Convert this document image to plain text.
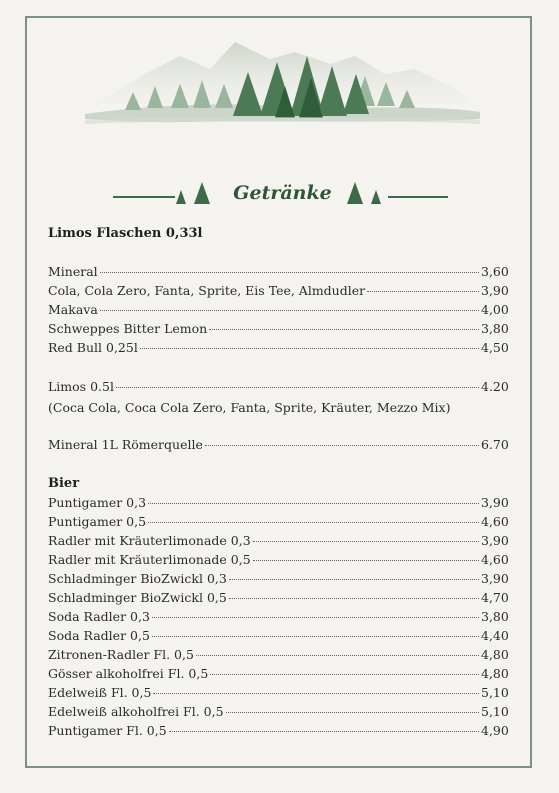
Getränke
Limos Flaschen 0,33l
Mineral	3,60
Cola, Cola Zero, Fanta, Sprite, Eis Tee, Almdudler	3,90
Makava	4,00
Schweppes Bitter Lemon	3,80
Red Bull 0,25l	4,50
Limos 0.5l	4.20
(Coca Cola, Coca Cola Zero, Fanta, Sprite, Kräuter, Mezzo Mix)
Mineral 1L Römerquelle	6.70
Bier
Puntigamer 0,3	3,90
Puntigamer 0,5	4,60
Radler mit Kräuterlimonade 0,3	3,90
Radler mit Kräuterlimonade 0,5	4,60
Schladminger BioZwickl 0,3	3,90
Schladminger BioZwickl 0,5	4,70
Soda Radler 0,3	3,80
Soda Radler 0,5	4,40
Zitronen-Radler Fl. 0,5	4,80
Gösser alkoholfrei Fl. 0,5	4,80
Edelweiß Fl. 0,5	5,10
Edelweiß alkoholfrei Fl. 0,5	5,10
Puntigamer Fl. 0,5	4,90
